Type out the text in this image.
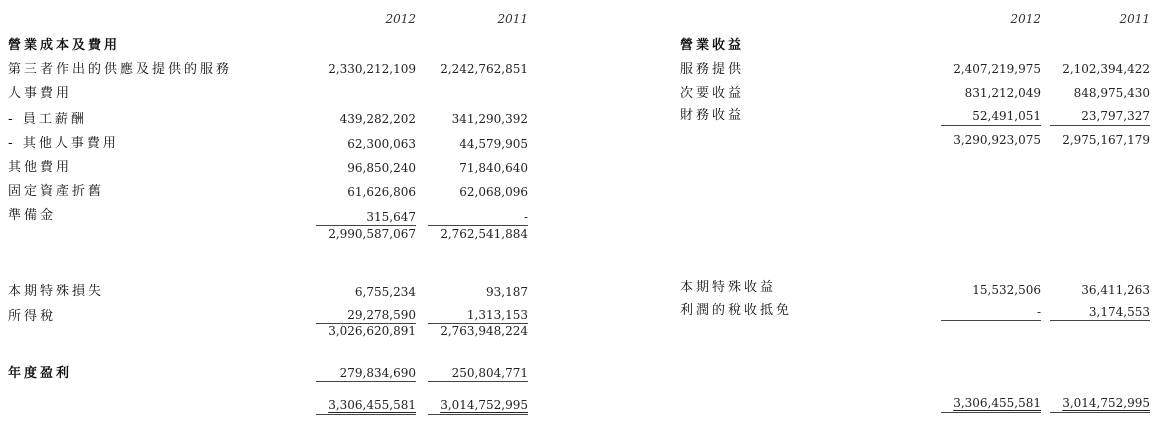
2012	2011
營業成本及費用
第三者作出的供應及提供的服務	2,330,212,109	2,242,762,851
人事費用
- 員工薪酬	439,282,202	341,290,392
- 其他人事費用	62,300,063	44,579,905
其他費用	96,850,240	71,840,640
固定資產折舊	61,626,806	62,068,096
準備金	315,647	-
2,990,587,067	2,762,541,884
本期特殊損失	6,755,234	93,187
所得稅	29,278,590	1,313,153
3,026,620,891	2,763,948,224
年度盈利	279,834,690	250,804,771
3,306,455,581	3,014,752,995
2012	2011
營業收益
服務提供	2,407,219,975	2,102,394,422
次要收益	831,212,049	848,975,430
財務收益	52,491,051	23,797,327
3,290,923,075	2,975,167,179
本期特殊收益	15,532,506	36,411,263
利潤的稅收抵免	-	3,174,553
3,306,455,581	3,014,752,995
